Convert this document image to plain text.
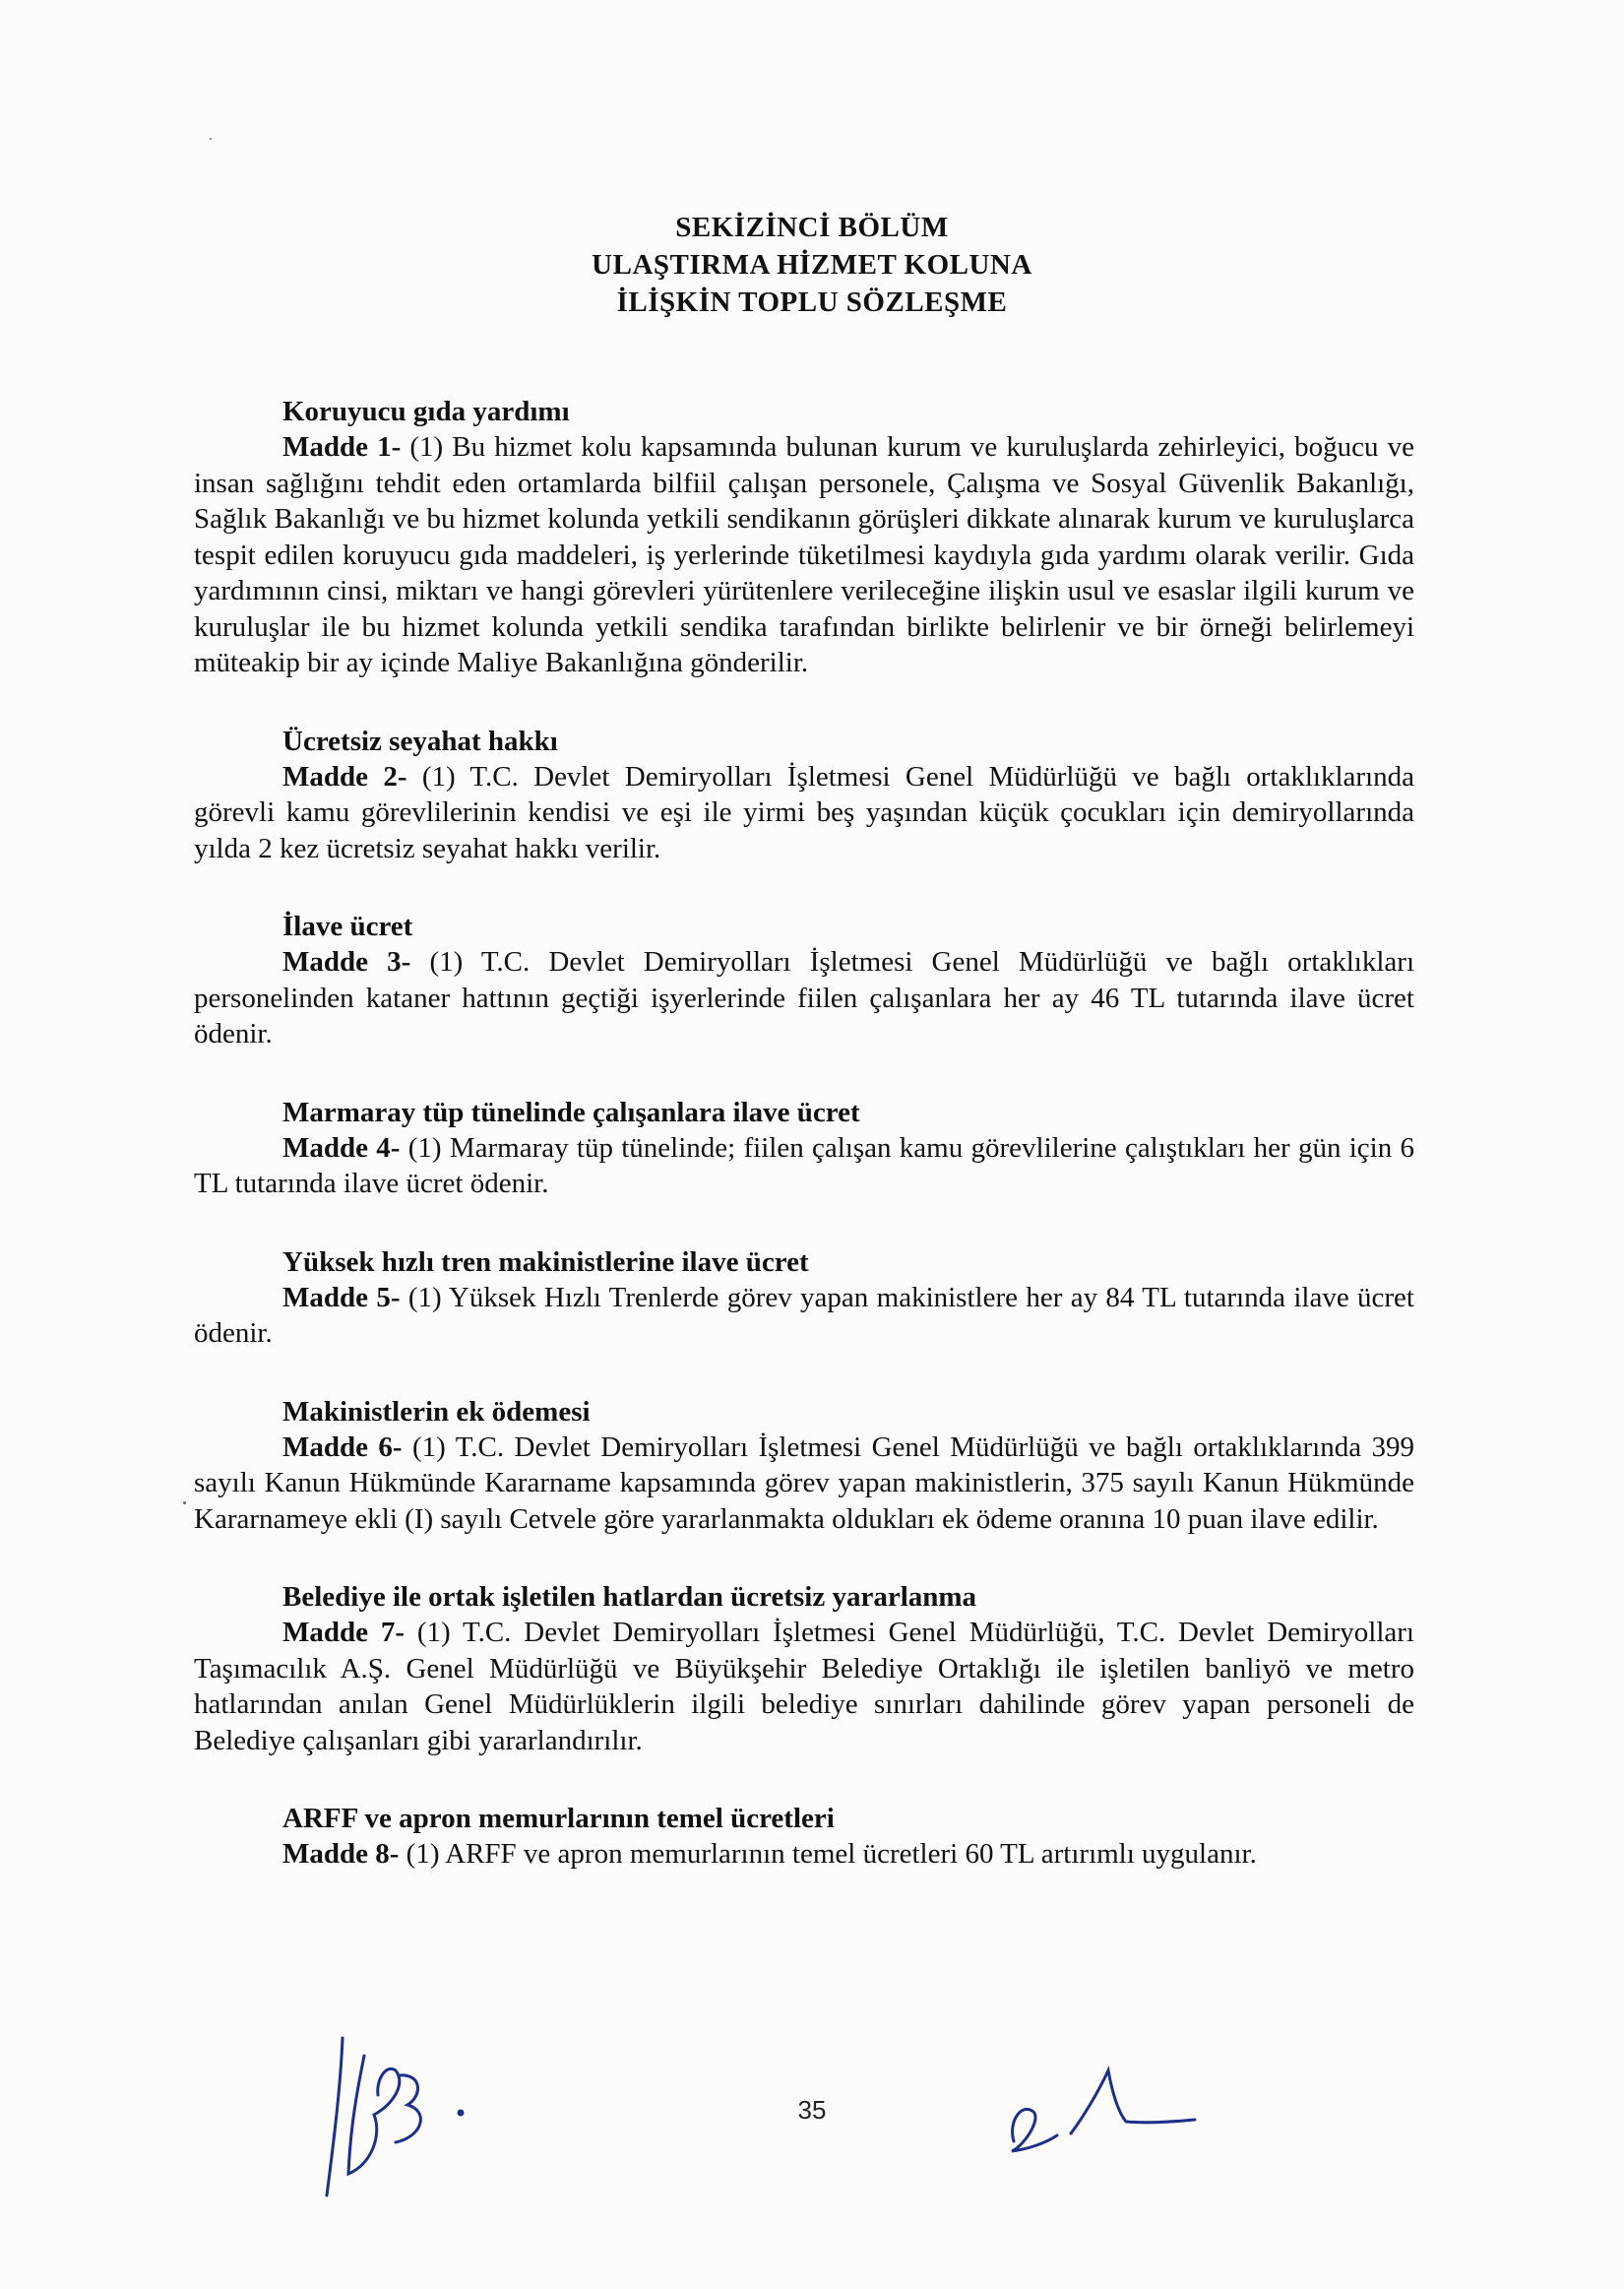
SEKİZİNCİ BÖLÜM
ULAŞTIRMA HİZMET KOLUNA
İLİŞKİN TOPLU SÖZLEŞME
Koruyucu gıda yardımı

Madde 1- (1) Bu hizmet kolu kapsamında bulunan kurum ve kuruluşlarda zehirleyici, boğucu ve insan sağlığını tehdit eden ortamlarda bilfiil çalışan personele, Çalışma ve Sosyal Güvenlik Bakanlığı, Sağlık Bakanlığı ve bu hizmet kolunda yetkili sendikanın görüşleri dikkate alınarak kurum ve kuruluşlarca tespit edilen koruyucu gıda maddeleri, iş yerlerinde tüketilmesi kaydıyla gıda yardımı olarak verilir. Gıda yardımının cinsi, miktarı ve hangi görevleri yürütenlere verileceğine ilişkin usul ve esaslar ilgili kurum ve kuruluşlar ile bu hizmet kolunda yetkili sendika tarafından birlikte belirlenir ve bir örneği belirlemeyi müteakip bir ay içinde Maliye Bakanlığına gönderilir.

Ücretsiz seyahat hakkı

Madde 2- (1) T.C. Devlet Demiryolları İşletmesi Genel Müdürlüğü ve bağlı ortaklıklarında görevli kamu görevlilerinin kendisi ve eşi ile yirmi beş yaşından küçük çocukları için demiryollarında yılda 2 kez ücretsiz seyahat hakkı verilir.

İlave ücret

Madde 3- (1) T.C. Devlet Demiryolları İşletmesi Genel Müdürlüğü ve bağlı ortaklıkları personelinden kataner hattının geçtiği işyerlerinde fiilen çalışanlara her ay 46 TL tutarında ilave ücret ödenir.

Marmaray tüp tünelinde çalışanlara ilave ücret

Madde 4- (1) Marmaray tüp tünelinde; fiilen çalışan kamu görevlilerine çalıştıkları her gün için 6 TL tutarında ilave ücret ödenir.

Yüksek hızlı tren makinistlerine ilave ücret

Madde 5- (1) Yüksek Hızlı Trenlerde görev yapan makinistlere her ay 84 TL tutarında ilave ücret ödenir.

Makinistlerin ek ödemesi

Madde 6- (1) T.C. Devlet Demiryolları İşletmesi Genel Müdürlüğü ve bağlı ortaklıklarında 399 sayılı Kanun Hükmünde Kararname kapsamında görev yapan makinistlerin, 375 sayılı Kanun Hükmünde Kararnameye ekli (I) sayılı Cetvele göre yararlanmakta oldukları ek ödeme oranına 10 puan ilave edilir.

Belediye ile ortak işletilen hatlardan ücretsiz yararlanma

Madde 7- (1) T.C. Devlet Demiryolları İşletmesi Genel Müdürlüğü, T.C. Devlet Demiryolları Taşımacılık A.Ş. Genel Müdürlüğü ve Büyükşehir Belediye Ortaklığı ile işletilen banliyö ve metro hatlarından anılan Genel Müdürlüklerin ilgili belediye sınırları dahilinde görev yapan personeli de Belediye çalışanları gibi yararlandırılır.

ARFF ve apron memurlarının temel ücretleri

Madde 8- (1) ARFF ve apron memurlarının temel ücretleri 60 TL artırımlı uygulanır.

35
